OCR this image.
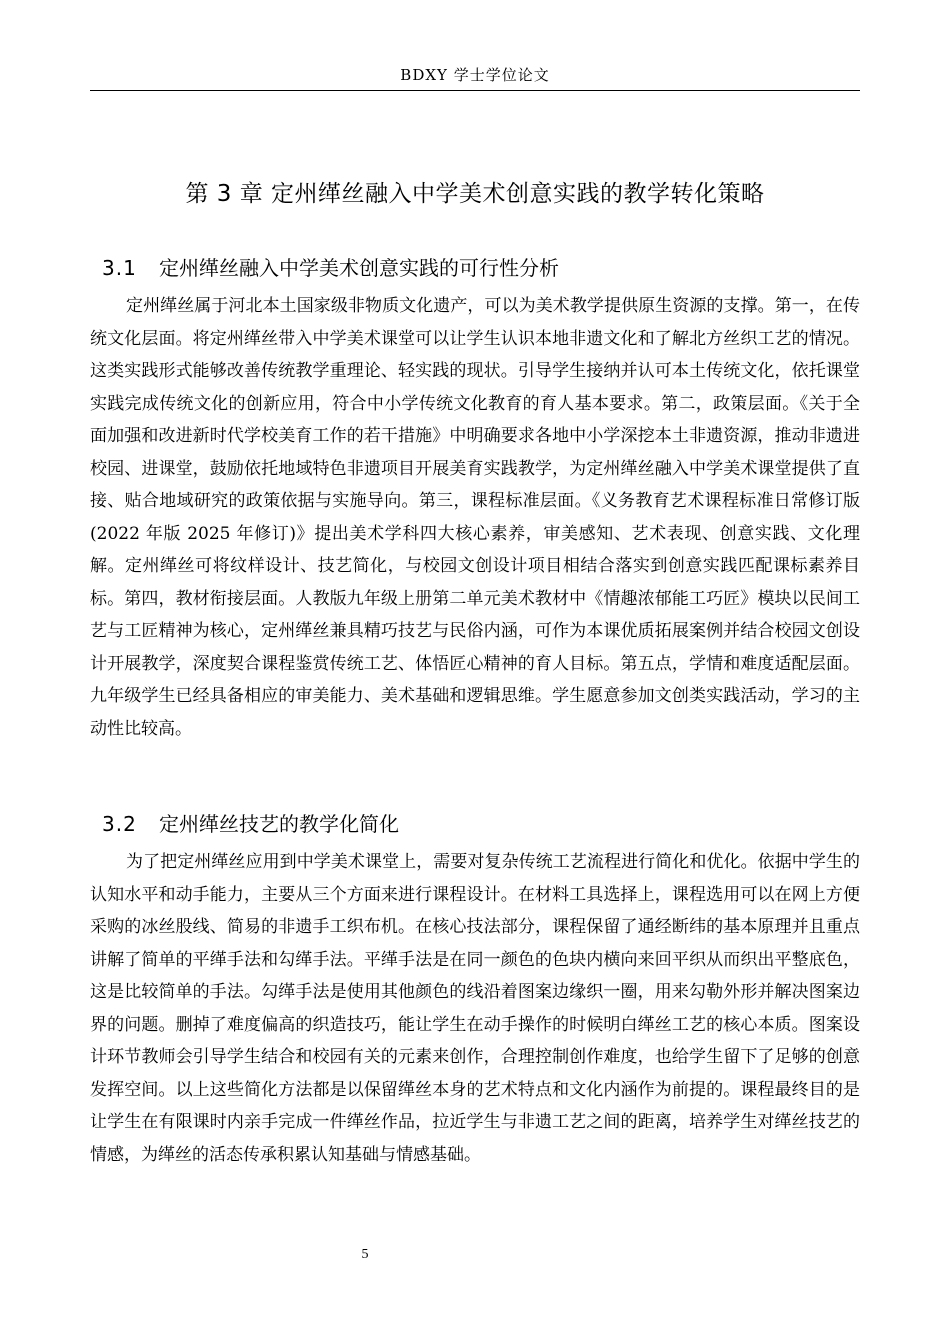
BDXY 学士学位论文
第 3 章 定州缂丝融入中学美术创意实践的教学转化策略
3.1 定州缂丝融入中学美术创意实践的可行性分析

定州缂丝属于河北本土国家级非物质文化遗产，可以为美术教学提供原生资源的支撑。第一，在传统文化层面。将定州缂丝带入中学美术课堂可以让学生认识本地非遗文化和了解北方丝织工艺的情况。这类实践形式能够改善传统教学重理论、轻实践的现状。引导学生接纳并认可本土传统文化，依托课堂实践完成传统文化的创新应用，符合中小学传统文化教育的育人基本要求。第二，政策层面。《关于全面加强和改进新时代学校美育工作的若干措施》中明确要求各地中小学深挖本土非遗资源，推动非遗进校园、进课堂，鼓励依托地域特色非遗项目开展美育实践教学，为定州缂丝融入中学美术课堂提供了直接、贴合地域研究的政策依据与实施导向。第三，课程标准层面。《义务教育艺术课程标准日常修订版(2022 年版 2025 年修订)》提出美术学科四大核心素养，审美感知、艺术表现、创意实践、文化理解。定州缂丝可将纹样设计、技艺简化，与校园文创设计项目相结合落实到创意实践匹配课标素养目标。第四，教材衔接层面。人教版九年级上册第二单元美术教材中《情趣浓郁能工巧匠》模块以民间工艺与工匠精神为核心，定州缂丝兼具精巧技艺与民俗内涵，可作为本课优质拓展案例并结合校园文创设计开展教学，深度契合课程鉴赏传统工艺、体悟匠心精神的育人目标。第五点，学情和难度适配层面。九年级学生已经具备相应的审美能力、美术基础和逻辑思维。学生愿意参加文创类实践活动，学习的主动性比较高。

3.2 定州缂丝技艺的教学化简化

为了把定州缂丝应用到中学美术课堂上，需要对复杂传统工艺流程进行简化和优化。依据中学生的认知水平和动手能力，主要从三个方面来进行课程设计。在材料工具选择上，课程选用可以在网上方便采购的冰丝股线、简易的非遗手工织布机。在核心技法部分，课程保留了通经断纬的基本原理并且重点讲解了简单的平缂手法和勾缂手法。平缂手法是在同一颜色的色块内横向来回平织从而织出平整底色，这是比较简单的手法。勾缂手法是使用其他颜色的线沿着图案边缘织一圈，用来勾勒外形并解决图案边界的问题。删掉了难度偏高的织造技巧，能让学生在动手操作的时候明白缂丝工艺的核心本质。图案设计环节教师会引导学生结合和校园有关的元素来创作，合理控制创作难度，也给学生留下了足够的创意发挥空间。以上这些简化方法都是以保留缂丝本身的艺术特点和文化内涵作为前提的。课程最终目的是让学生在有限课时内亲手完成一件缂丝作品，拉近学生与非遗工艺之间的距离，培养学生对缂丝技艺的情感，为缂丝的活态传承积累认知基础与情感基础。

5
